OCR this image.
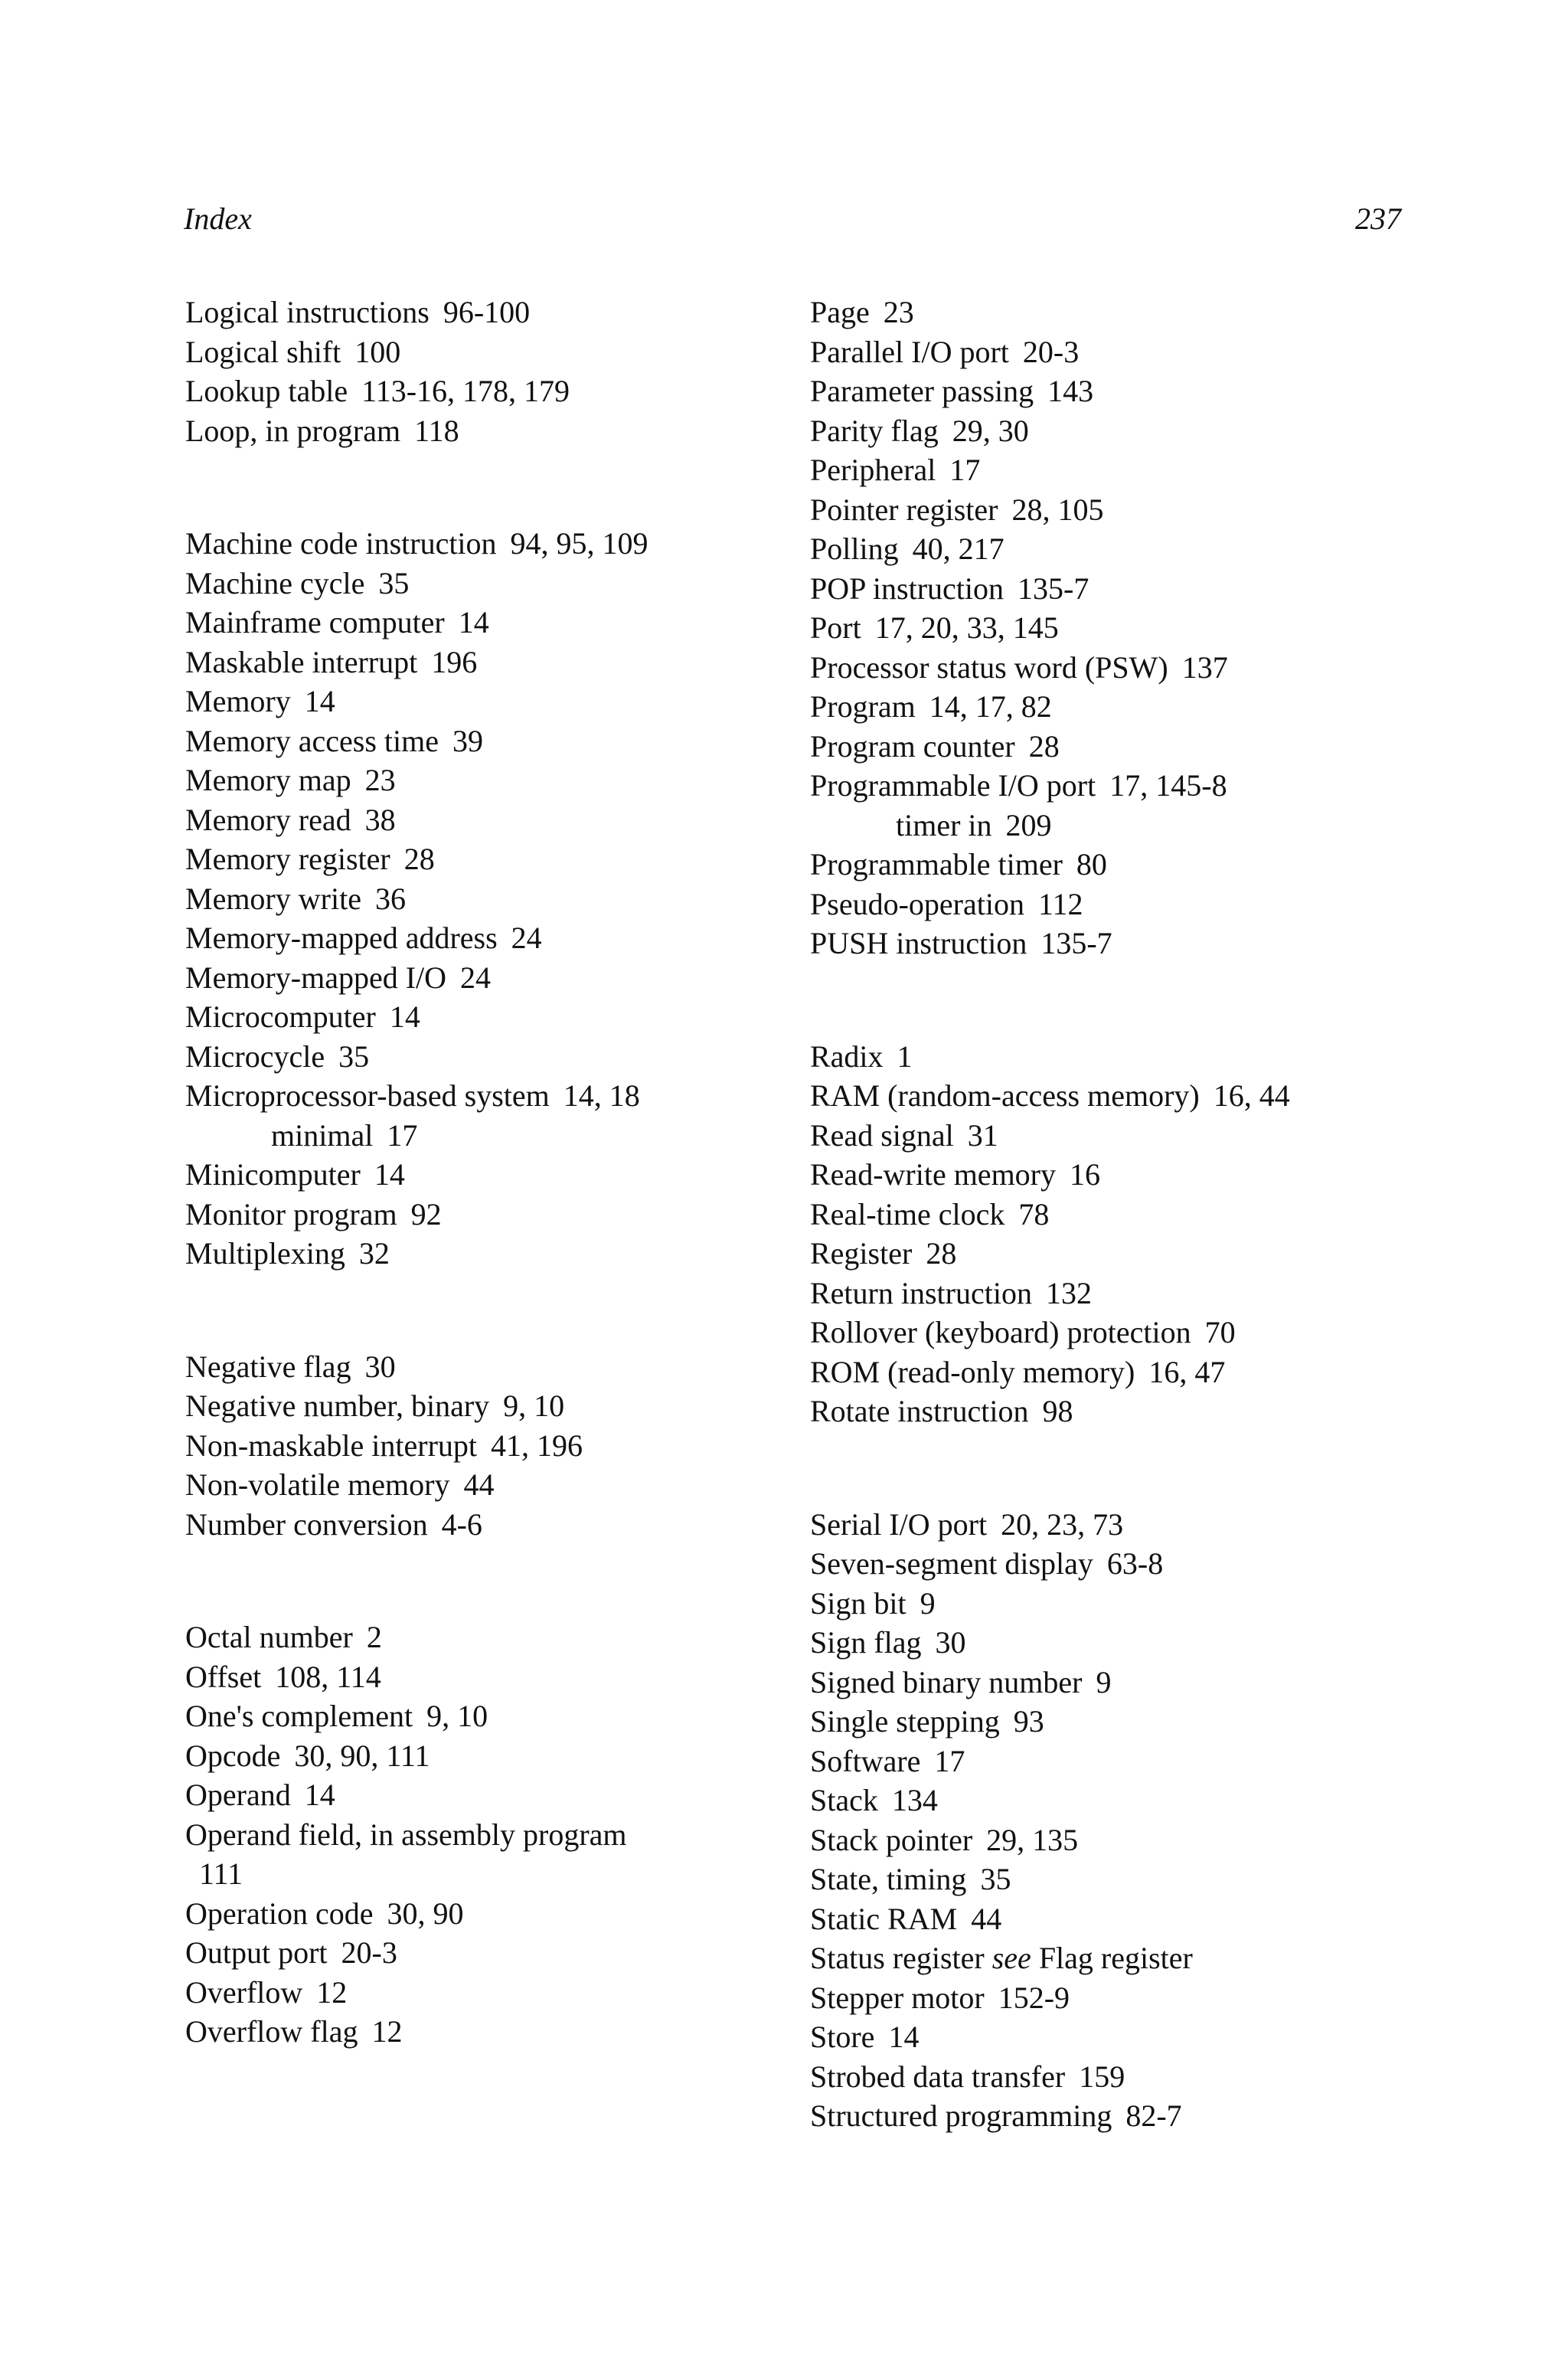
Index	237
Logical instructions 96-100
Logical shift 100
Lookup table 113-16, 178, 179
Loop, in program 118
Machine code instruction 94, 95, 109
Machine cycle 35
Mainframe computer 14
Maskable interrupt 196
Memory 14
Memory access time 39
Memory map 23
Memory read 38
Memory register 28
Memory write 36
Memory-mapped address 24
Memory-mapped I/O 24
Microcomputer 14
Microcycle 35
Microprocessor-based system 14, 18
minimal 17
Minicomputer 14
Monitor program 92
Multiplexing 32
Negative flag 30
Negative number, binary 9, 10
Non-maskable interrupt 41, 196
Non-volatile memory 44
Number conversion 4-6
Octal number 2
Offset 108, 114
One's complement 9, 10
Opcode 30, 90, 111
Operand 14
Operand field, in assembly program
111
Operation code 30, 90
Output port 20-3
Overflow 12
Overflow flag 12
Page 23
Parallel I/O port 20-3
Parameter passing 143
Parity flag 29, 30
Peripheral 17
Pointer register 28, 105
Polling 40, 217
POP instruction 135-7
Port 17, 20, 33, 145
Processor status word (PSW) 137
Program 14, 17, 82
Program counter 28
Programmable I/O port 17, 145-8
timer in 209
Programmable timer 80
Pseudo-operation 112
PUSH instruction 135-7
Radix 1
RAM (random-access memory) 16, 44
Read signal 31
Read-write memory 16
Real-time clock 78
Register 28
Return instruction 132
Rollover (keyboard) protection 70
ROM (read-only memory) 16, 47
Rotate instruction 98
Serial I/O port 20, 23, 73
Seven-segment display 63-8
Sign bit 9
Sign flag 30
Signed binary number 9
Single stepping 93
Software 17
Stack 134
Stack pointer 29, 135
State, timing 35
Static RAM 44
Status register see Flag register
Stepper motor 152-9
Store 14
Strobed data transfer 159
Structured programming 82-7
